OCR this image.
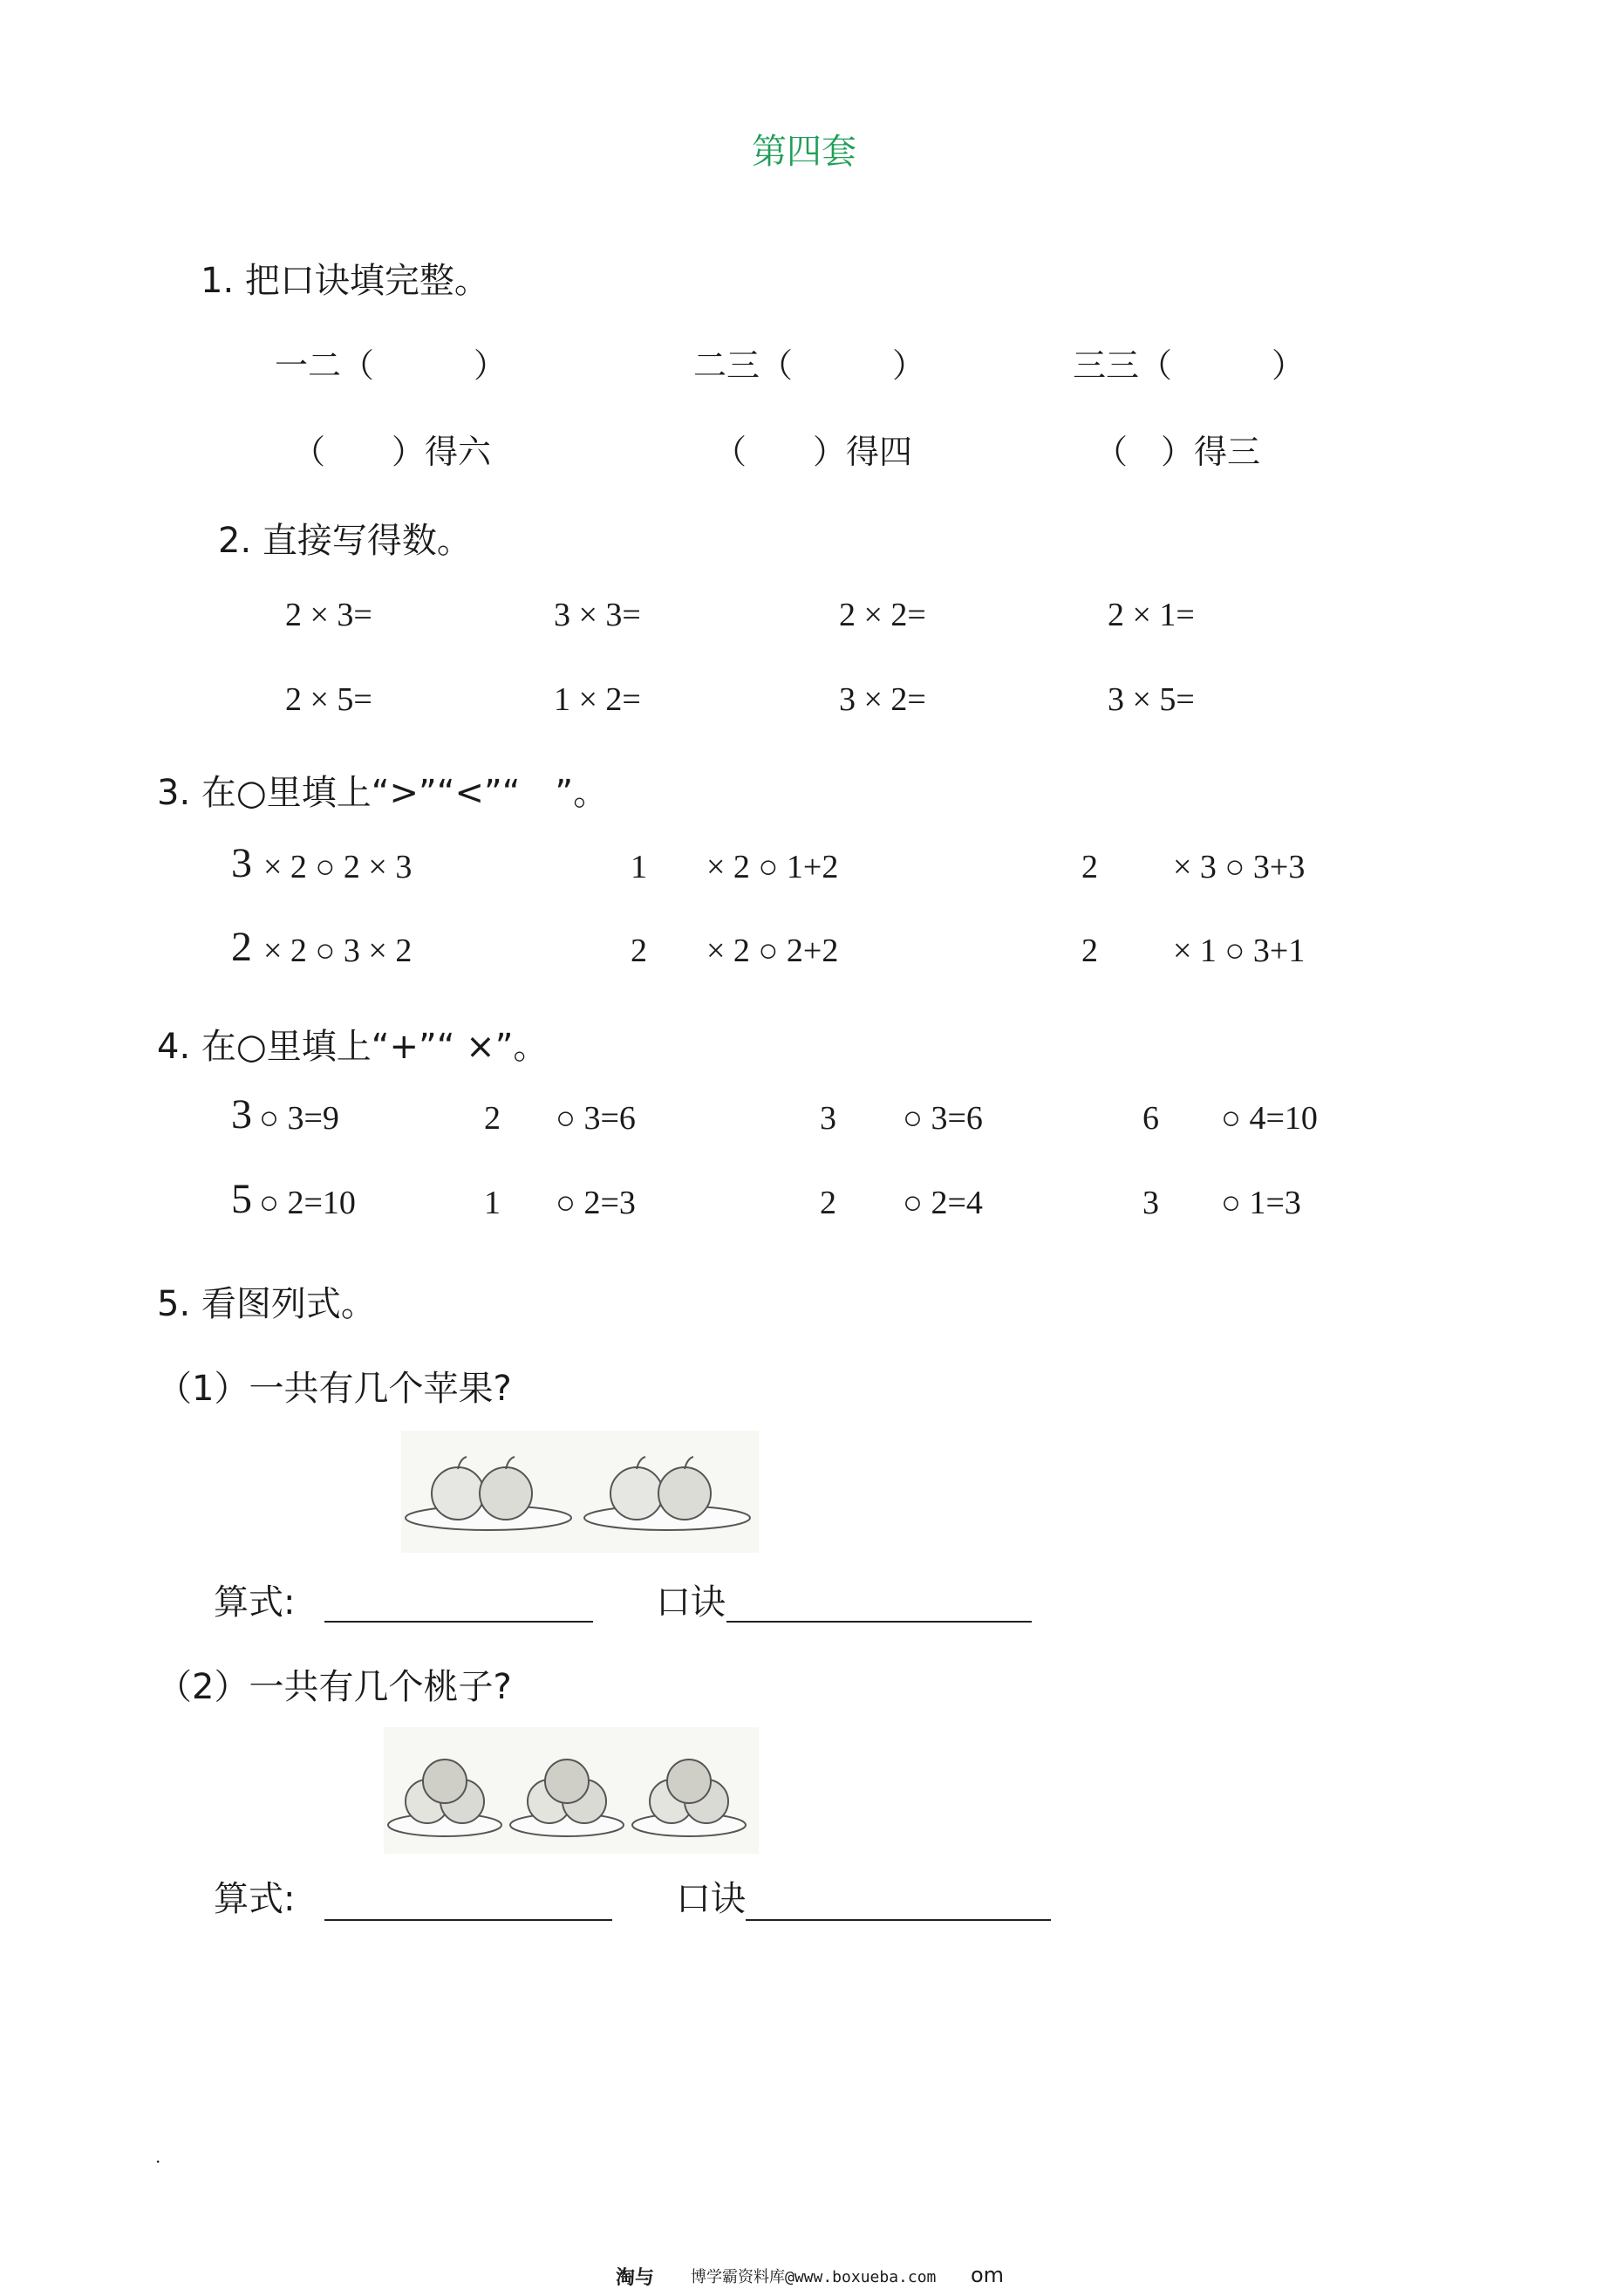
第四套
1. 把口诀填完整。
一二（　　　）	二三（　　　）	三三（　　　）
（　　）得六	（　　）得四	（　）得三
2. 直接写得数。
2 × 3=	3 × 3=	2 × 2=	2 × 1=
2 × 5=	1 × 2=	3 × 2=	3 × 5=
3. 在○里填上“>”“<”“　”。
3 × 2 ○ 2 × 3	1 × 2 ○ 1+2	2 × 3 ○ 3+3
2 × 2 ○ 3 × 2	2 × 2 ○ 2+2	2 × 1 ○ 3+1
4. 在○里填上“+”“ ×”。
3 ○ 3=9	2 ○ 3=6	3 ○ 3=6	6 ○ 4=10
5 ○ 2=10	1 ○ 2=3	2 ○ 2=4	3 ○ 1=3
5. 看图列式。
（1）一共有几个苹果?
算式:	口诀
（2）一共有几个桃子?
算式:	口诀
.
淘与 博学霸资料库@www.boxueba.com om
